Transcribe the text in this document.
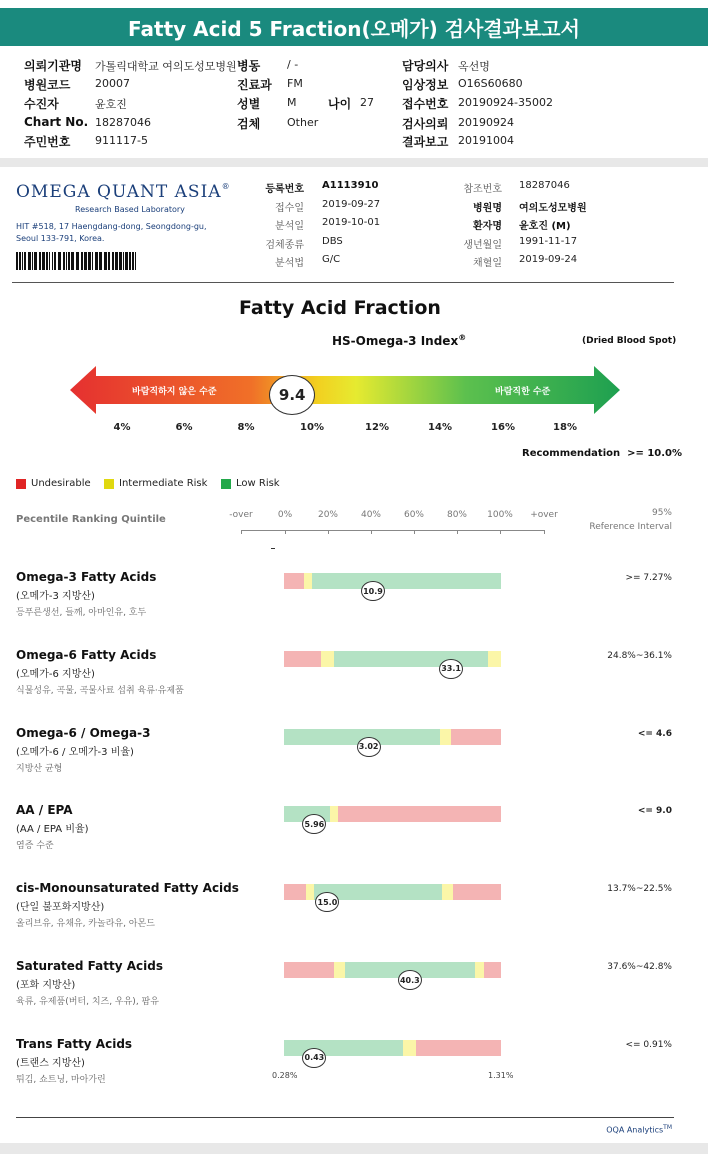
Fatty Acid 5 Fraction(오메가) 검사결과보고서
의뢰기관명 가톨릭대학교 여의도성모병원
병원코드 20007
수진자	윤호진
Chart No. 18287046
주민번호 911117-5
병동 / -
진료과 FM
성별 M
검체 Other
나이 27
담당의사 옥선명
임상정보 O16S60680
접수번호 20190924-35002
검사의뢰 20190924
결과보고 20191004
OMEGA QUANT ASIA®
Research Based Laboratory
HIT #518, 17 Haengdang-dong, Seongdong-gu,
Seoul 133-791, Korea.
등록번호 A1113910
접수일 2019-09-27
분석일 2019-10-01
검체종류 DBS
분석법 G/C
참조번호 18287046
병원명 여의도성모병원
환자명 윤호진 (M)
생년월일 1991-11-17
채혈일 2019-09-24
Fatty Acid Fraction
HS-Omega-3 Index®	(Dried Blood Spot)
바람직하지 않은 수준	바람직한 수준
9.4
4%	6%	8%	10%	12%	14%	16%	18%
Recommendation  >= 10.0%
Undesirable	Intermediate Risk	Low Risk
Pecentile Ranking Quintile	-over	0%	20%	40%	60%	80%	100%	+over	95%
Reference Interval
Omega-3 Fatty Acids
(오메가-3 지방산)
등푸른생선, 들깨, 아마인유, 호두
>= 7.27%
10.9
Omega-6 Fatty Acids
(오메가-6 지방산)
식물성유, 곡물, 곡물사료 섭취 육류·유제품
24.8%~36.1%
33.1
Omega-6 / Omega-3
(오메가-6 / 오메가-3 비율)
지방산 균형
<= 4.6
3.02
AA / EPA
(AA / EPA 비율)
염증 수준
<= 9.0
5.96
cis-Monounsaturated Fatty Acids
(단일 불포화지방산)
올리브유, 유채유, 카놀라유, 아몬드
13.7%~22.5%
15.0
Saturated Fatty Acids
(포화 지방산)
육류, 유제품(버터, 치즈, 우유), 팜유
37.6%~42.8%
40.3
Trans Fatty Acids
(트랜스 지방산)
튀김, 쇼트닝, 마아가린
<= 0.91%
0.43
0.28%	1.31%
OQA Analytics™
